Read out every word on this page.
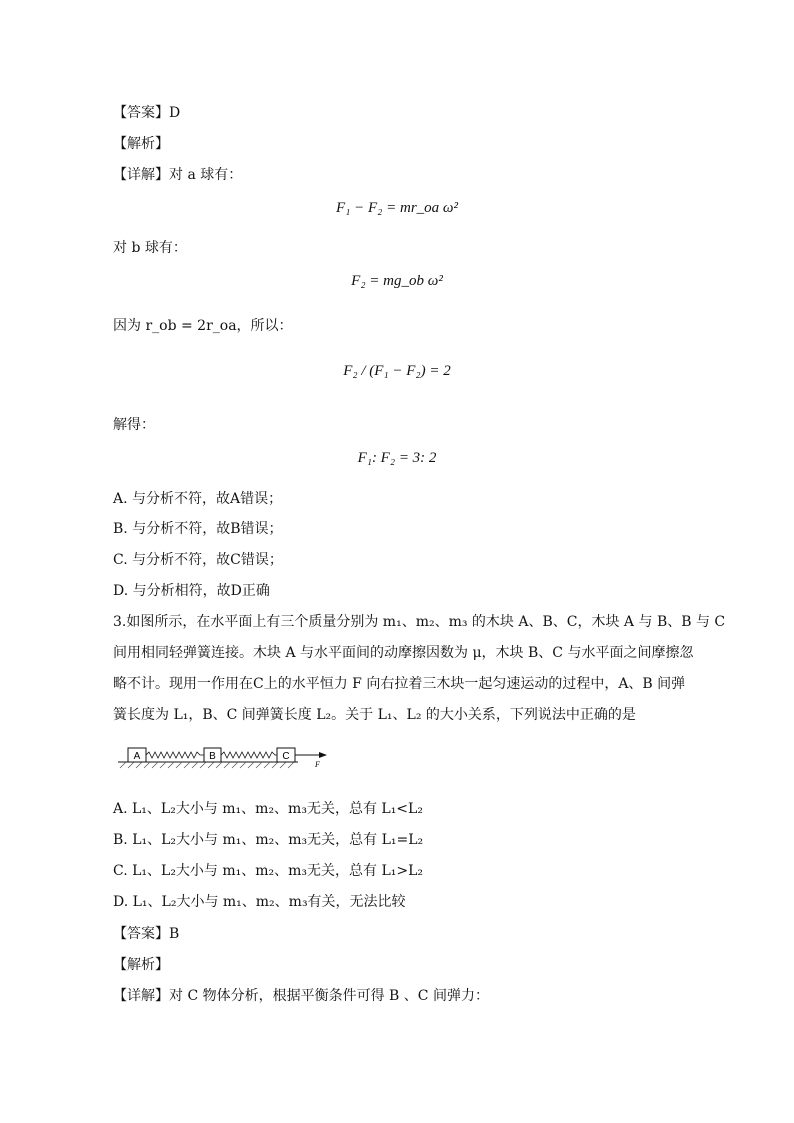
【答案】D
【解析】
【详解】对 a 球有：
F₁ − F₂ = mr_oa ω²
对 b 球有：
F₂ = mg_ob ω²
因为 r_ob = 2r_oa，所以：
F₂ / (F₁ − F₂) = 2
解得：
F₁: F₂ = 3: 2
A. 与分析不符，故A错误；
B. 与分析不符，故B错误；
C. 与分析不符，故C错误；
D. 与分析相符，故D正确
3.如图所示，在水平面上有三个质量分别为 m₁、m₂、m₃ 的木块 A、B、C，木块 A 与 B、B 与 C
间用相同轻弹簧连接。木块 A 与水平面间的动摩擦因数为 μ，木块 B、C 与水平面之间摩擦忽
略不计。现用一作用在C上的水平恒力 F 向右拉着三木块一起匀速运动的过程中，A、B 间弹
簧长度为 L₁，B、C 间弹簧长度 L₂。关于 L₁、L₂ 的大小关系，下列说法中正确的是
A	B	C
F
A. L₁、L₂大小与 m₁、m₂、m₃无关，总有 L₁<L₂
B. L₁、L₂大小与 m₁、m₂、m₃无关，总有 L₁=L₂
C. L₁、L₂大小与 m₁、m₂、m₃无关，总有 L₁>L₂
D. L₁、L₂大小与 m₁、m₂、m₃有关，无法比较
【答案】B
【解析】
【详解】对 C 物体分析，根据平衡条件可得 B 、C 间弹力：
